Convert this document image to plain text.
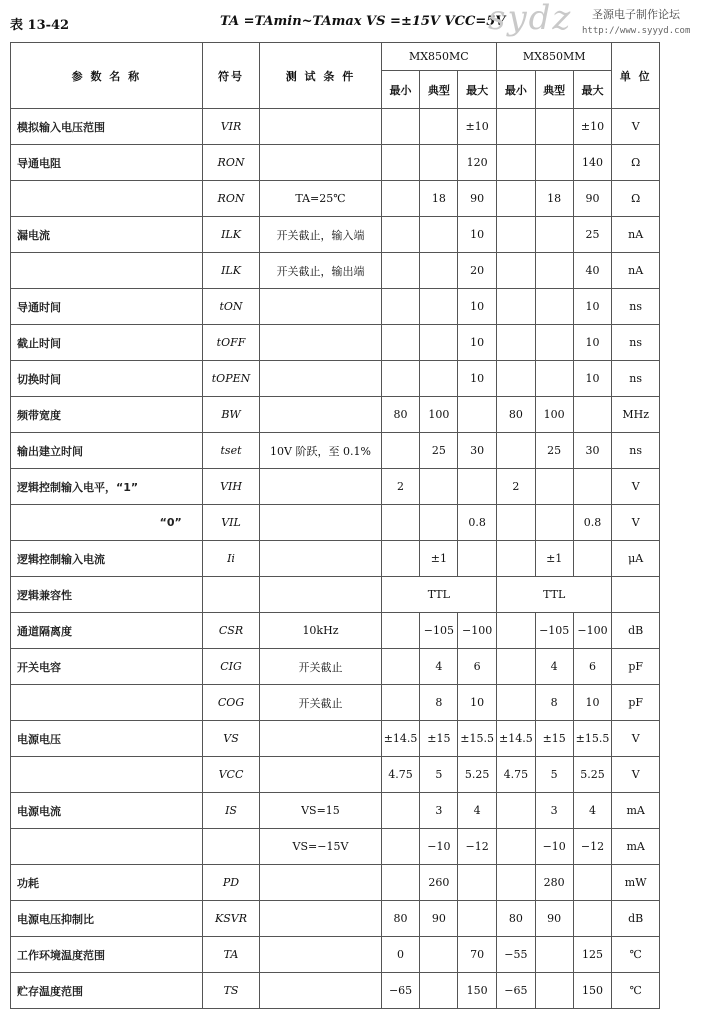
表 13-42	TA =TAmin~TAmax VS =±15V VCC=5V
sydz 圣源电子制作论坛
http://www.syyyd.com
参 数 名 称	符号	测 试 条 件	MX850MC			MX850MM			单 位
			最小	典型	最大	最小	典型	最大	
模拟输入电压范围	VIR				±10			±10	V
导通电阻	RON				120			140	Ω
	RON	TA=25℃		18	90		18	90	Ω
漏电流	ILK	开关截止，输入端			10			25	nA
	ILK	开关截止，输出端			20			40	nA
导通时间	tON				10			10	ns
截止时间	tOFF				10			10	ns
切换时间	tOPEN				10			10	ns
频带宽度	BW		80	100		80	100		MHz
输出建立时间	tset	10V 阶跃，至 0.1%		25	30		25	30	ns
逻辑控制输入电平，“1”	VIH		2			2			V
“0”	VIL				0.8			0.8	V
逻辑控制输入电流	Ii			±1			±1		μA
逻辑兼容性			TTL			TTL			
通道隔离度	CSR	10kHz		−105	−100		−105	−100	dB
开关电容	CIG	开关截止		4	6		4	6	pF
	COG	开关截止		8	10		8	10	pF
电源电压	VS		±14.5	±15	±15.5	±14.5	±15	±15.5	V
	VCC		4.75	5	5.25	4.75	5	5.25	V
电源电流	IS	VS=15		3	4		3	4	mA
		VS=−15V		−10	−12		−10	−12	mA
功耗	PD			260			280		mW
电源电压抑制比	KSVR		80	90		80	90		dB
工作环境温度范围	TA		0		70	−55		125	℃
贮存温度范围	TS		−65		150	−65		150	℃
